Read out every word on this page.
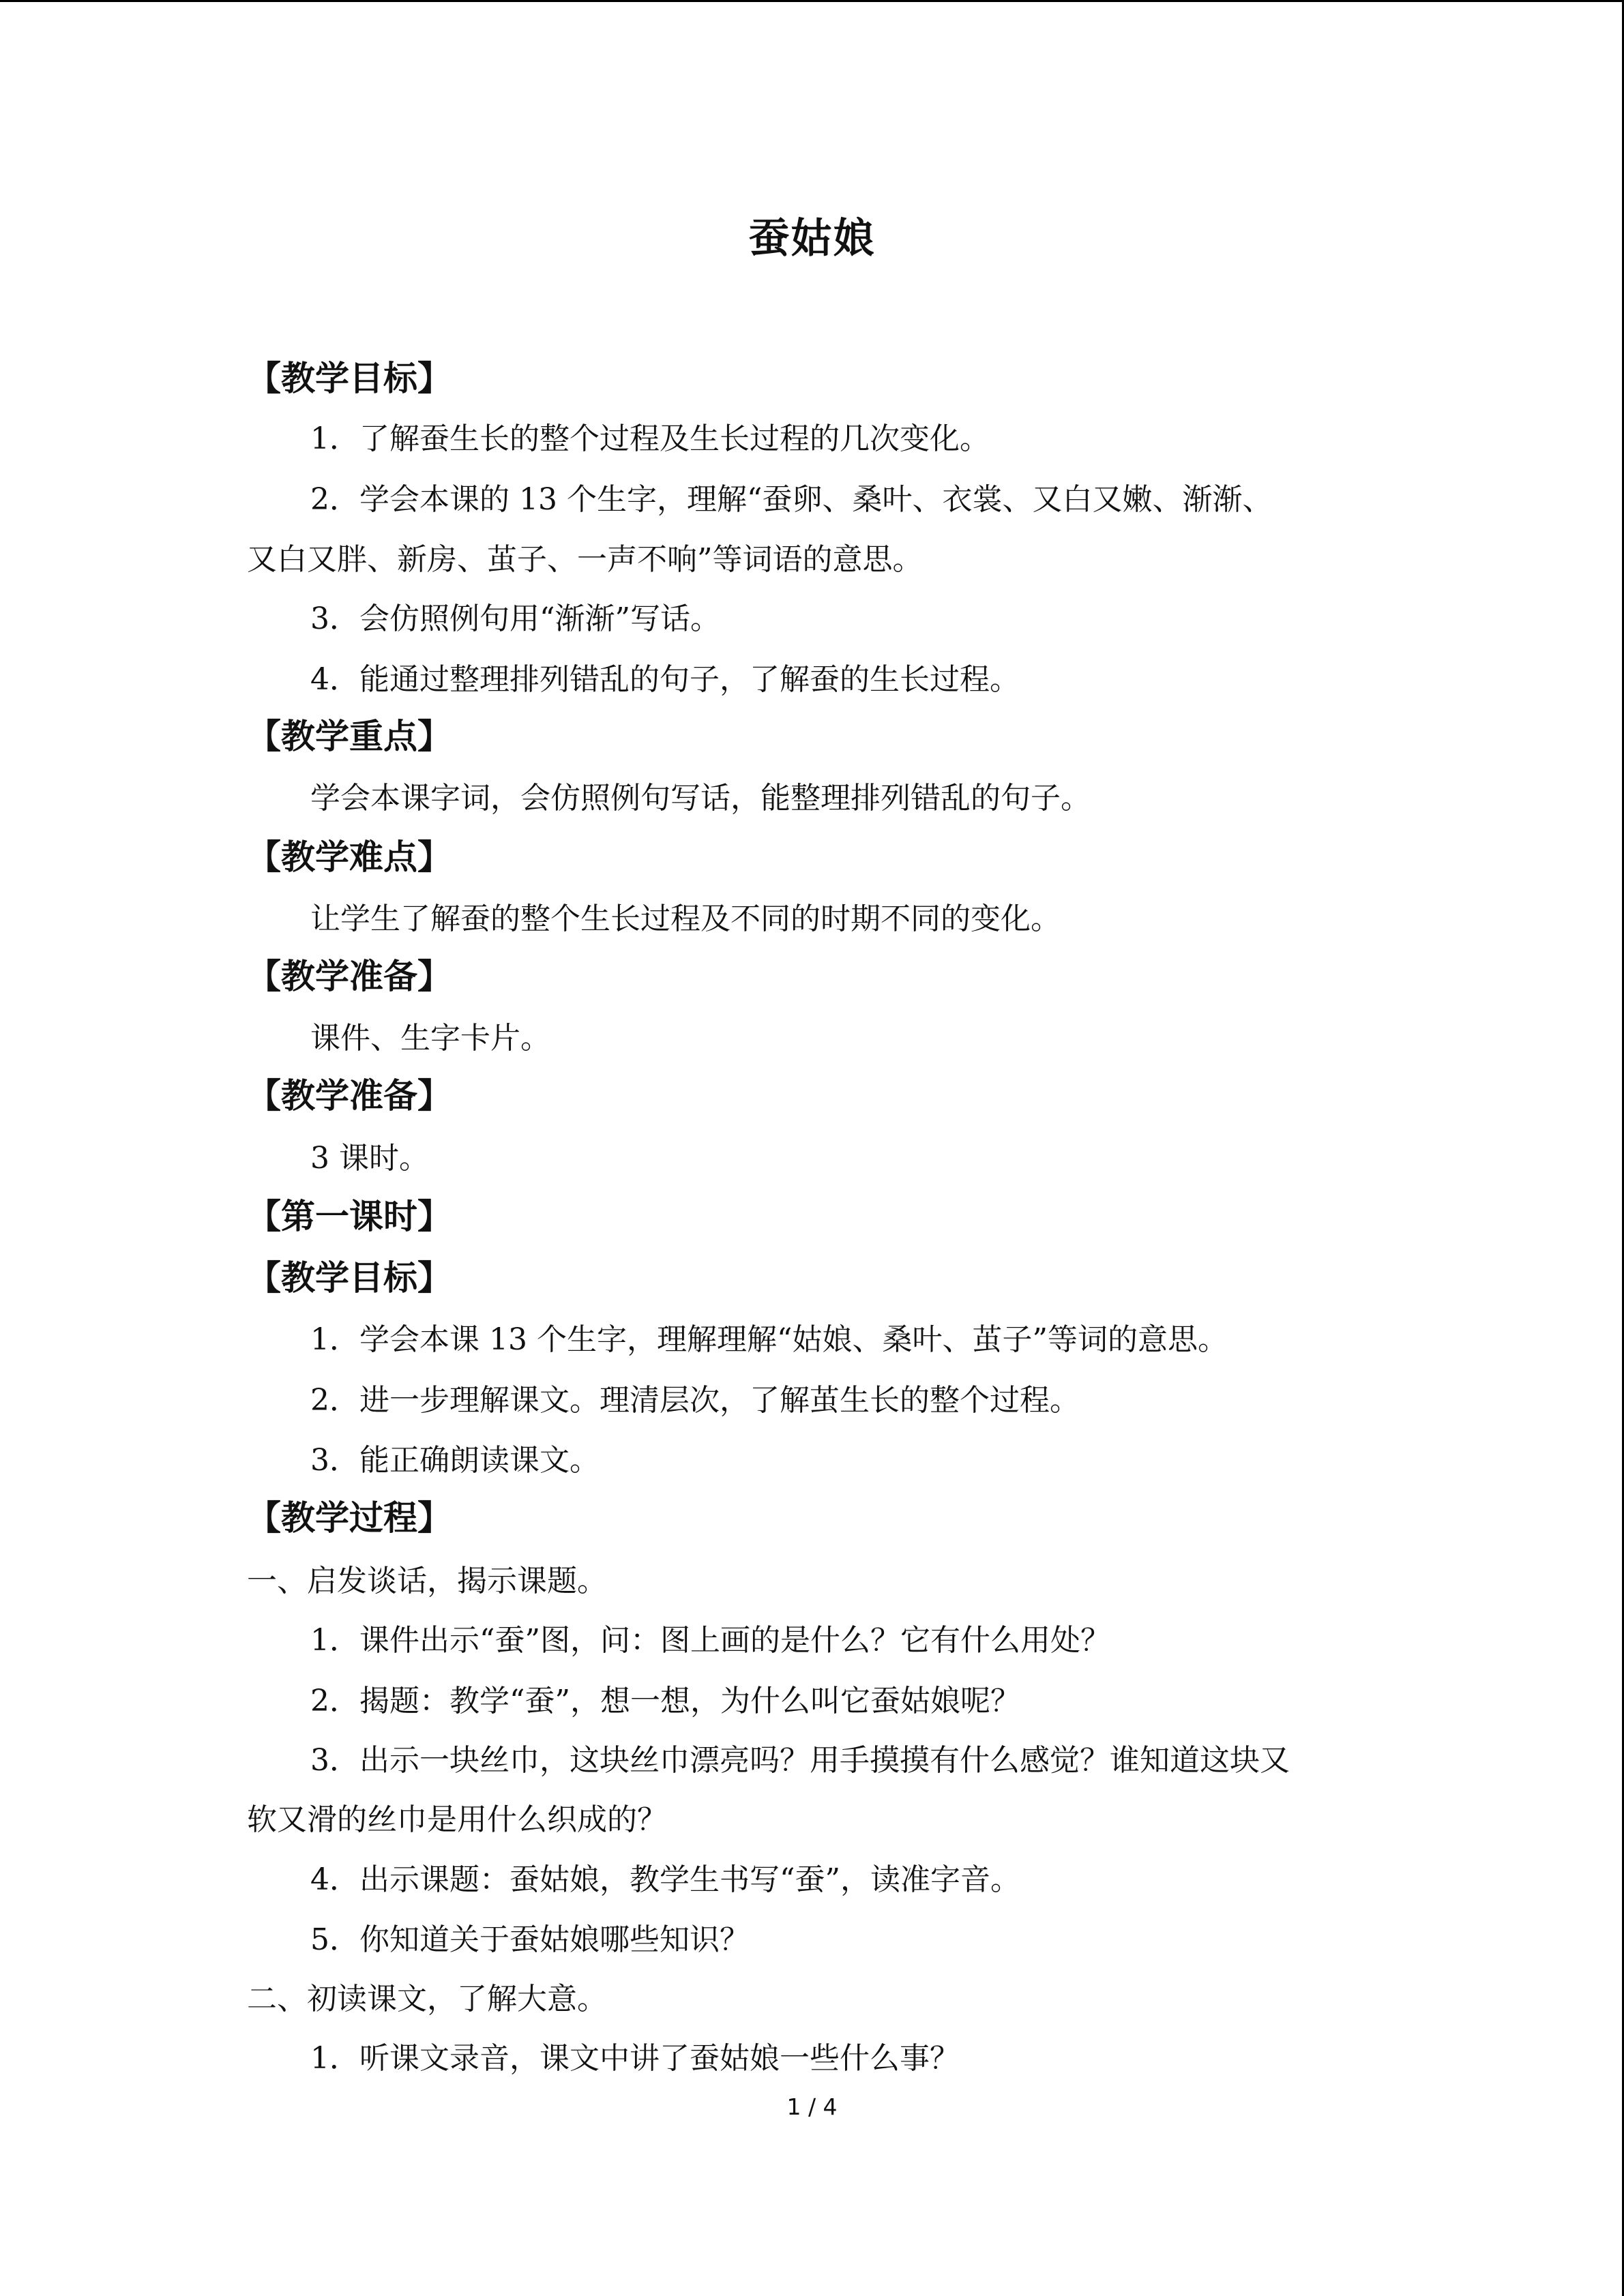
蚕姑娘
【教学目标】
1．了解蚕生长的整个过程及生长过程的几次变化。
2．学会本课的 13 个生字，理解“蚕卵、桑叶、衣裳、又白又嫩、渐渐、
又白又胖、新房、茧子、一声不响”等词语的意思。
3．会仿照例句用“渐渐”写话。
4．能通过整理排列错乱的句子，了解蚕的生长过程。
【教学重点】
学会本课字词，会仿照例句写话，能整理排列错乱的句子。
【教学难点】
让学生了解蚕的整个生长过程及不同的时期不同的变化。
【教学准备】
课件、生字卡片。
【教学准备】
3 课时。
【第一课时】
【教学目标】
1．学会本课 13 个生字，理解理解“姑娘、桑叶、茧子”等词的意思。
2．进一步理解课文。理清层次，了解茧生长的整个过程。
3．能正确朗读课文。
【教学过程】
一、启发谈话，揭示课题。
1．课件出示“蚕”图，问：图上画的是什么？它有什么用处？
2．揭题：教学“蚕”，想一想，为什么叫它蚕姑娘呢？
3．出示一块丝巾，这块丝巾漂亮吗？用手摸摸有什么感觉？谁知道这块又
软又滑的丝巾是用什么织成的？
4．出示课题：蚕姑娘，教学生书写“蚕”，读准字音。
5．你知道关于蚕姑娘哪些知识？
二、初读课文，了解大意。
1．听课文录音，课文中讲了蚕姑娘一些什么事？
1 / 4
